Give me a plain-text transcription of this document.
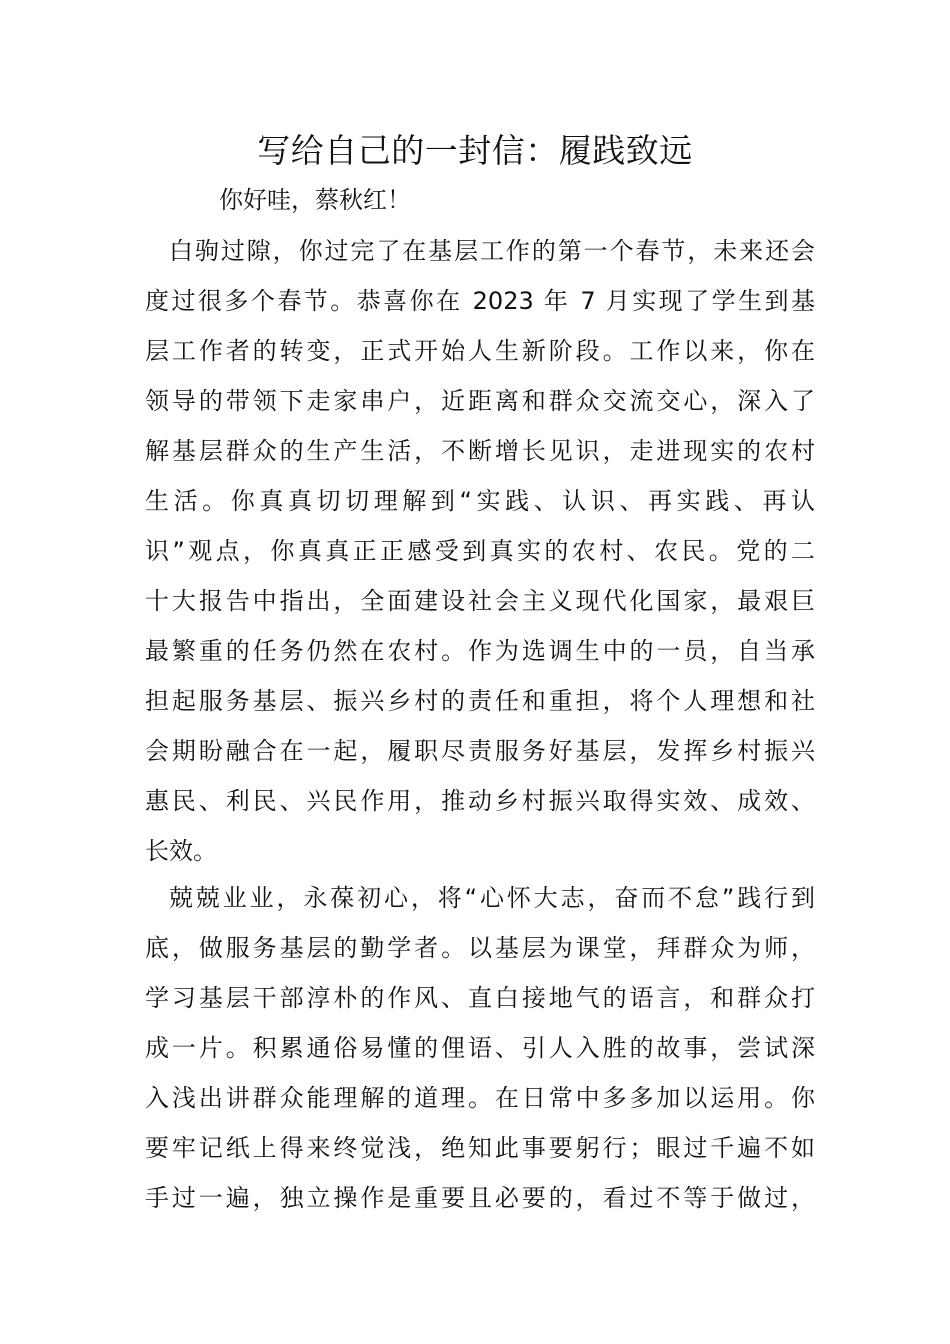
写给自己的一封信：履践致远
你好哇，蔡秋红！
白驹过隙，你过完了在基层工作的第一个春节，未来还会
度过很多个春节。恭喜你在 2023 年 7 月实现了学生到基
层工作者的转变，正式开始人生新阶段。工作以来，你在
领导的带领下走家串户，近距离和群众交流交心，深入了
解基层群众的生产生活，不断增长见识，走进现实的农村
生活。你真真切切理解到“实践、认识、再实践、再认
识”观点，你真真正正感受到真实的农村、农民。党的二
十大报告中指出，全面建设社会主义现代化国家，最艰巨
最繁重的任务仍然在农村。作为选调生中的一员，自当承
担起服务基层、振兴乡村的责任和重担，将个人理想和社
会期盼融合在一起，履职尽责服务好基层，发挥乡村振兴
惠民、利民、兴民作用，推动乡村振兴取得实效、成效、
长效。
兢兢业业，永葆初心，将“心怀大志，奋而不怠”践行到
底，做服务基层的勤学者。以基层为课堂，拜群众为师，
学习基层干部淳朴的作风、直白接地气的语言，和群众打
成一片。积累通俗易懂的俚语、引人入胜的故事，尝试深
入浅出讲群众能理解的道理。在日常中多多加以运用。你
要牢记纸上得来终觉浅，绝知此事要躬行；眼过千遍不如
手过一遍，独立操作是重要且必要的，看过不等于做过，
